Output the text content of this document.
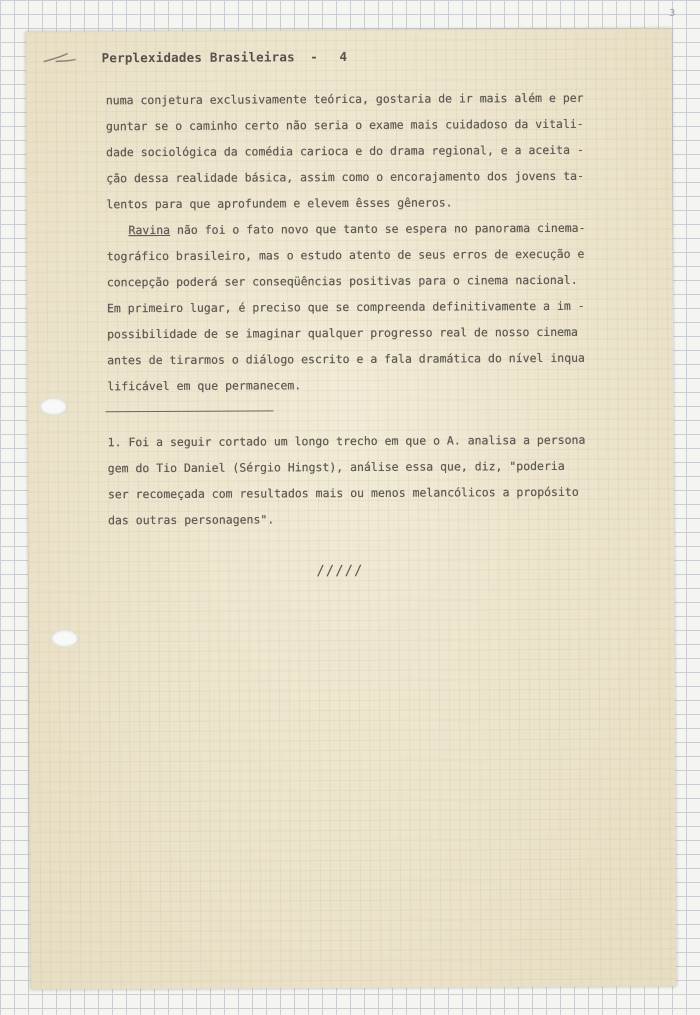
Perplexidades Brasileiras - 4
numa conjetura exclusivamente teórica, gostaria de ir mais além e per
guntar se o caminho certo não seria o exame mais cuidadoso da vitali-
dade sociológica da comédia carioca e do drama regional, e a aceita -
ção dessa realidade básica, assim como o encorajamento dos jovens ta-
lentos para que aprofundem e elevem êsses gêneros.
Ravina não foi o fato novo que tanto se espera no panorama cinema-
tográfico brasileiro, mas o estudo atento de seus erros de execução e
concepção poderá ser conseqüências positivas para o cinema nacional.
Em primeiro lugar, é preciso que se compreenda definitivamente a im -
possibilidade de se imaginar qualquer progresso real de nosso cinema
antes de tirarmos o diálogo escrito e a fala dramática do nível inqua
lificável em que permanecem.
1. Foi a seguir cortado um longo trecho em que o A. analisa a persona
gem do Tio Daniel (Sérgio Hingst), análise essa que, diz, "poderia
ser recomeçada com resultados mais ou menos melancólicos a propósito
das outras personagens".
/////
3
